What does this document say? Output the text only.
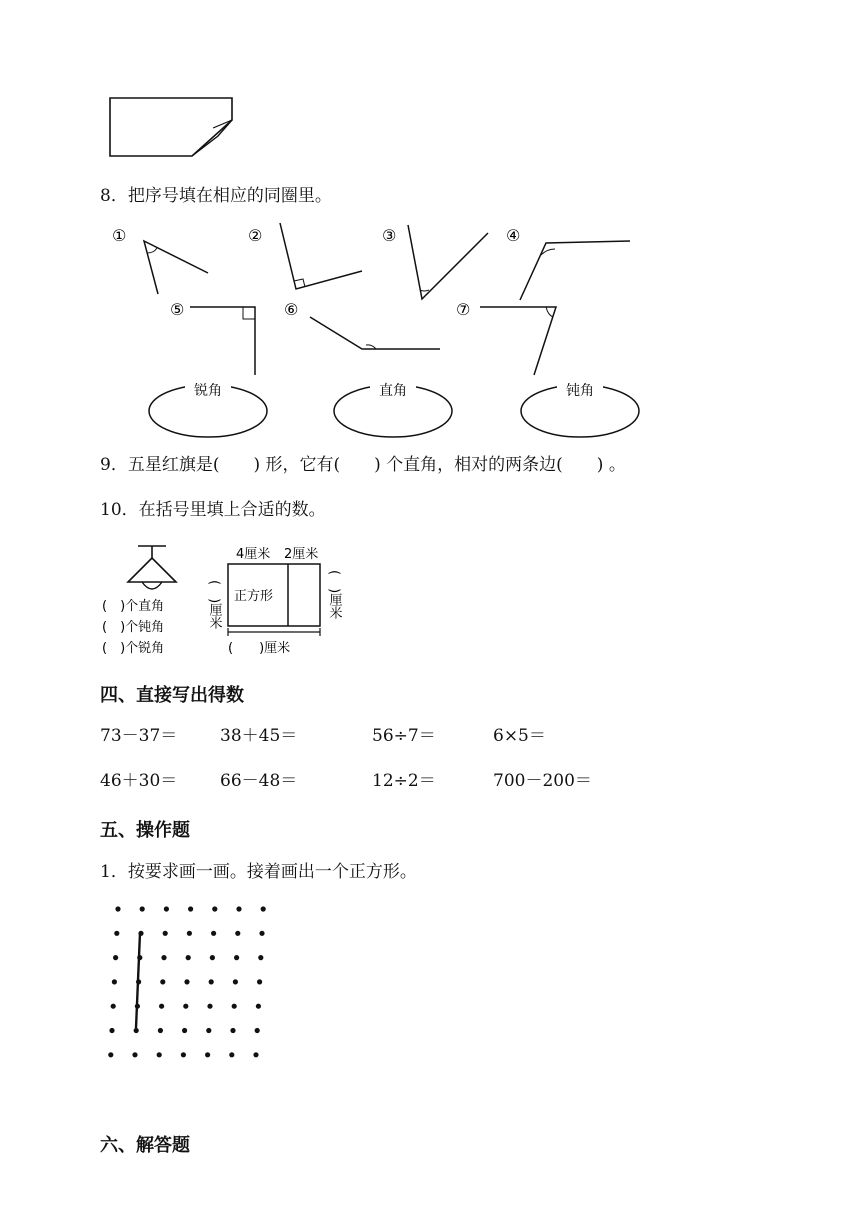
8．把序号填在相应的同圈里。
①	②	③	④
⑤	⑥	⑦
锐角	直角	钝角
9．五星红旗是(　　) 形，它有(　　) 个直角，相对的两条边(　　) 。
10．在括号里填上合适的数。
(　)个直角
(　)个钝角
(　)个锐角
4厘米 2厘米
正方形
(　　)厘米
(　)厘米	(　)厘米
四、直接写出得数
73－37＝	38＋45＝	56÷7＝	6×5＝
46＋30＝	66－48＝	12÷2＝	700－200＝
五、操作题
1．按要求画一画。接着画出一个正方形。
六、解答题
